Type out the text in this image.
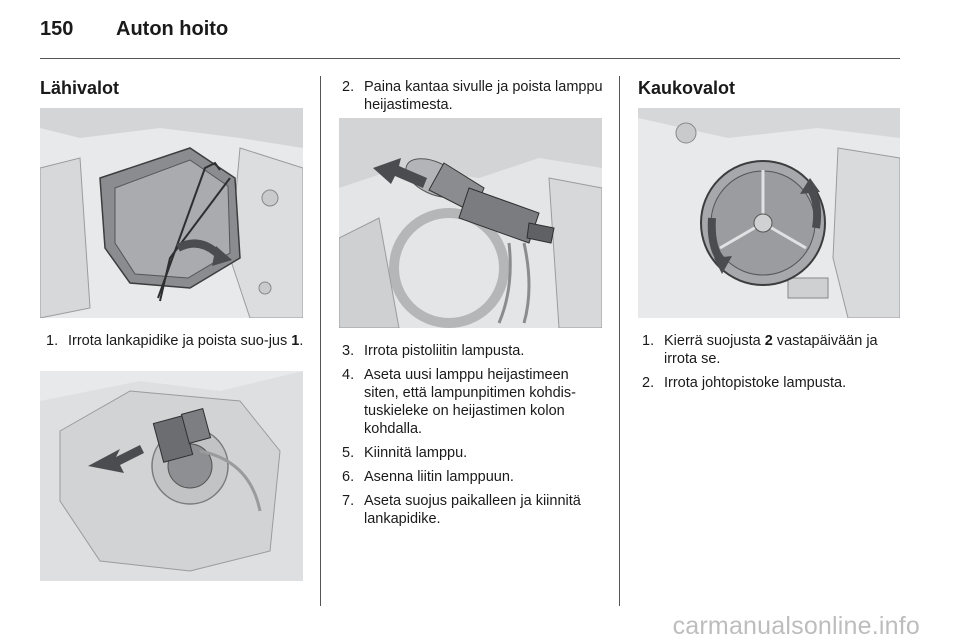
150 Auton hoito
Lähivalot
1. Irrota lankapidike ja poista suo-jus 1.
2. Paina kantaa sivulle ja poista lamppu heijastimesta.
3. Irrota pistoliitin lampusta.
4. Aseta uusi lamppu heijastimeen siten, että lampunpitimen kohdis-tuskieleke on heijastimen kolon kohdalla.
5. Kiinnitä lamppu.
6. Asenna liitin lamppuun.
7. Aseta suojus paikalleen ja kiinnitä lankapidike.
Kaukovalot
1. Kierrä suojusta 2 vastapäivään ja irrota se.
2. Irrota johtopistoke lampusta.
carmanualsonline.info
